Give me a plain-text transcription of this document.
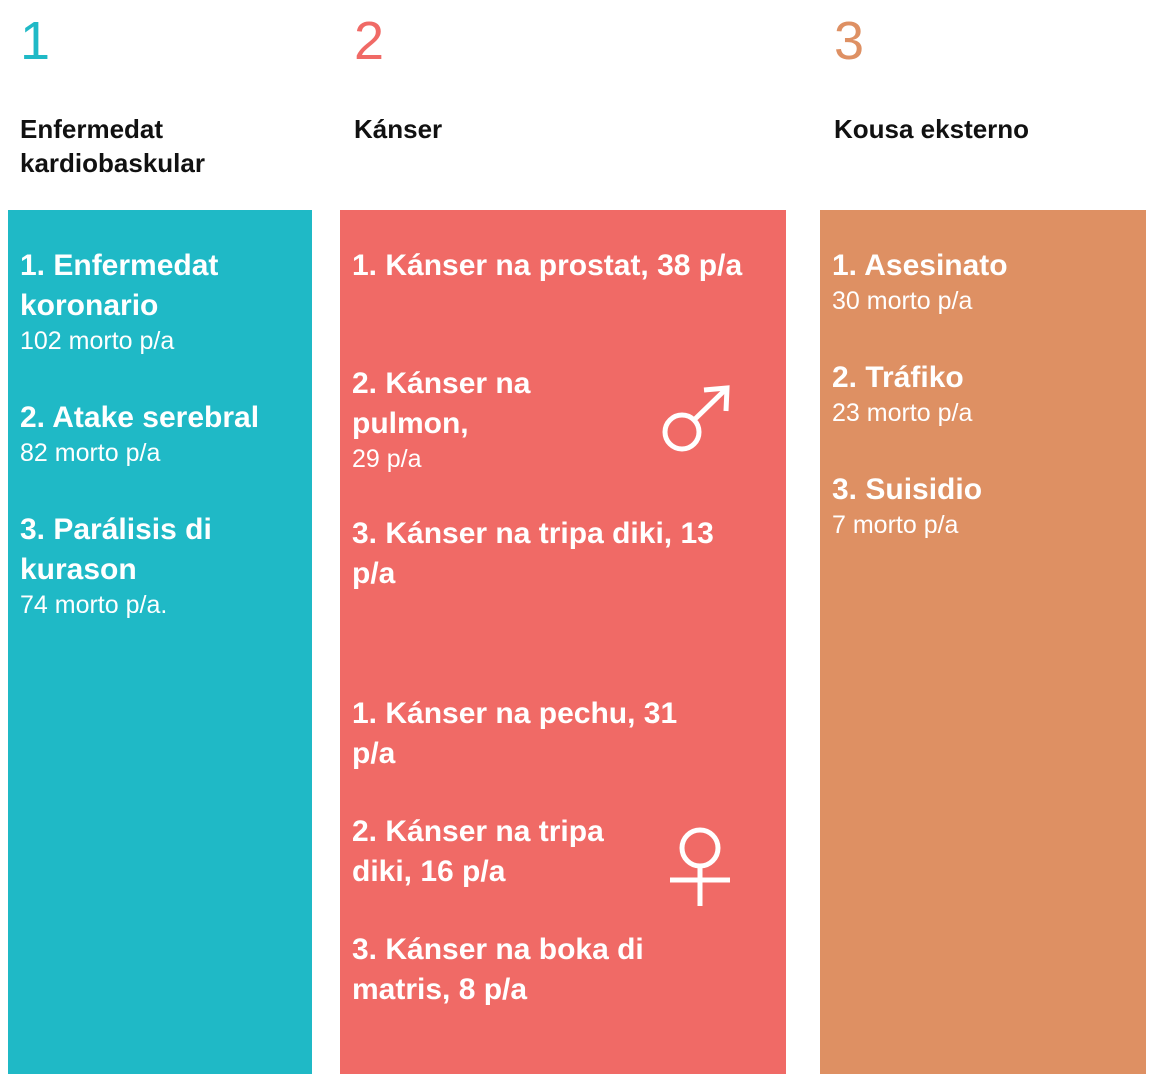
1
Enfermedat kardiobaskular
2
Kánser
3
Kousa eksterno
1. Enfermedat koronario
102 morto p/a
2. Atake serebral
82 morto p/a
3. Parálisis di kurason
74 morto p/a.
1. Kánser na prostat, 38 p/a
2. Kánser na pulmon,
29 p/a
3. Kánser na tripa diki, 13 p/a
1. Kánser na pechu, 31 p/a
2. Kánser na tripa diki, 16 p/a
3. Kánser na boka di matris, 8 p/a
1. Asesinato
30 morto p/a
2. Tráfiko
23 morto p/a
3. Suisidio
7 morto p/a
